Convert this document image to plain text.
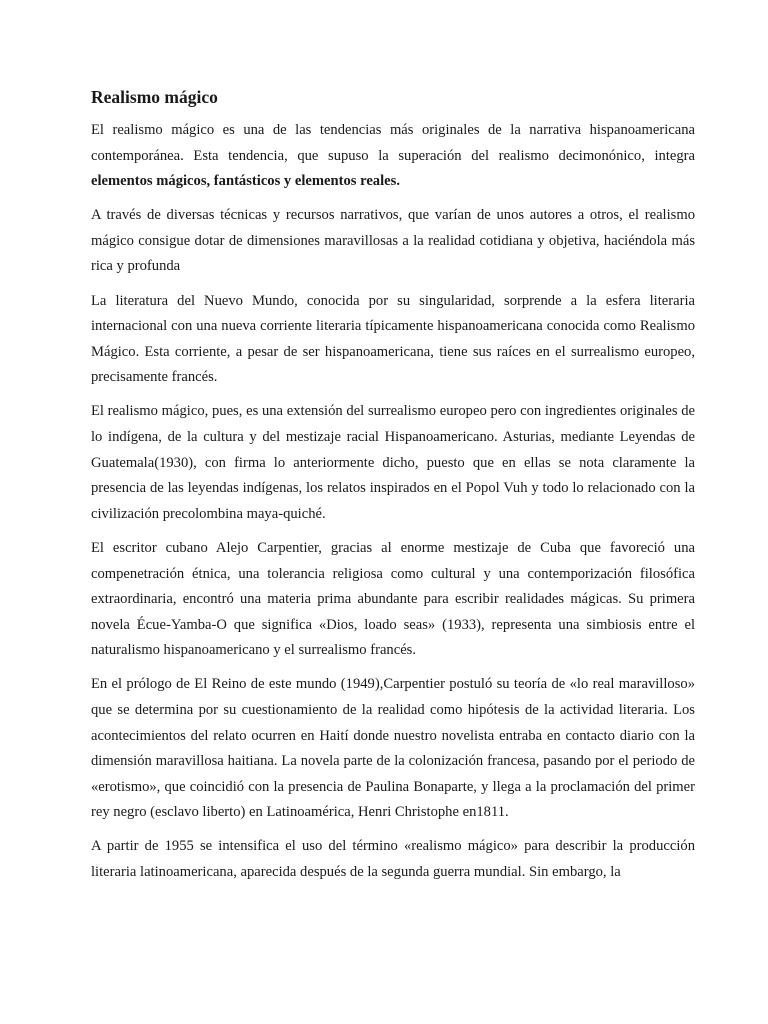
Realismo mágico

El realismo mágico es una de las tendencias más originales de la narrativa hispanoamericana contemporánea. Esta tendencia, que supuso la superación del realismo decimonónico, integra elementos mágicos, fantásticos y elementos reales.

A través de diversas técnicas y recursos narrativos, que varían de unos autores a otros, el realismo mágico consigue dotar de dimensiones maravillosas a la realidad cotidiana y objetiva, haciéndola más rica y profunda

La literatura del Nuevo Mundo, conocida por su singularidad, sorprende a la esfera literaria internacional con una nueva corriente literaria típicamente hispanoamericana conocida como Realismo Mágico. Esta corriente, a pesar de ser hispanoamericana, tiene sus raíces en el surrealismo europeo, precisamente francés.

El realismo mágico, pues, es una extensión del surrealismo europeo pero con ingredientes originales de lo indígena, de la cultura y del mestizaje racial Hispanoamericano. Asturias, mediante Leyendas de Guatemala(1930), con firma lo anteriormente dicho, puesto que en ellas se nota claramente la presencia de las leyendas indígenas, los relatos inspirados en el Popol Vuh y todo lo relacionado con la civilización precolombina maya-quiché.

El escritor cubano Alejo Carpentier, gracias al enorme mestizaje de Cuba que favoreció una compenetración étnica, una tolerancia religiosa como cultural y una contemporización filosófica extraordinaria, encontró una materia prima abundante para escribir realidades mágicas. Su primera novela Écue-Yamba-O que significa «Dios, loado seas» (1933), representa una simbiosis entre el naturalismo hispanoamericano y el surrealismo francés.

En el prólogo de El Reino de este mundo (1949),Carpentier postuló su teoría de «lo real maravilloso» que se determina por su cuestionamiento de la realidad como hipótesis de la actividad literaria. Los acontecimientos del relato ocurren en Haití donde nuestro novelista entraba en contacto diario con la dimensión maravillosa haitiana. La novela parte de la colonización francesa, pasando por el periodo de «erotismo», que coincidió con la presencia de Paulina Bonaparte, y llega a la proclamación del primer rey negro (esclavo liberto) en Latinoamérica, Henri Christophe en1811.

A partir de 1955 se intensifica el uso del término «realismo mágico» para describir la producción literaria latinoamericana, aparecida después de la segunda guerra mundial. Sin embargo, la
